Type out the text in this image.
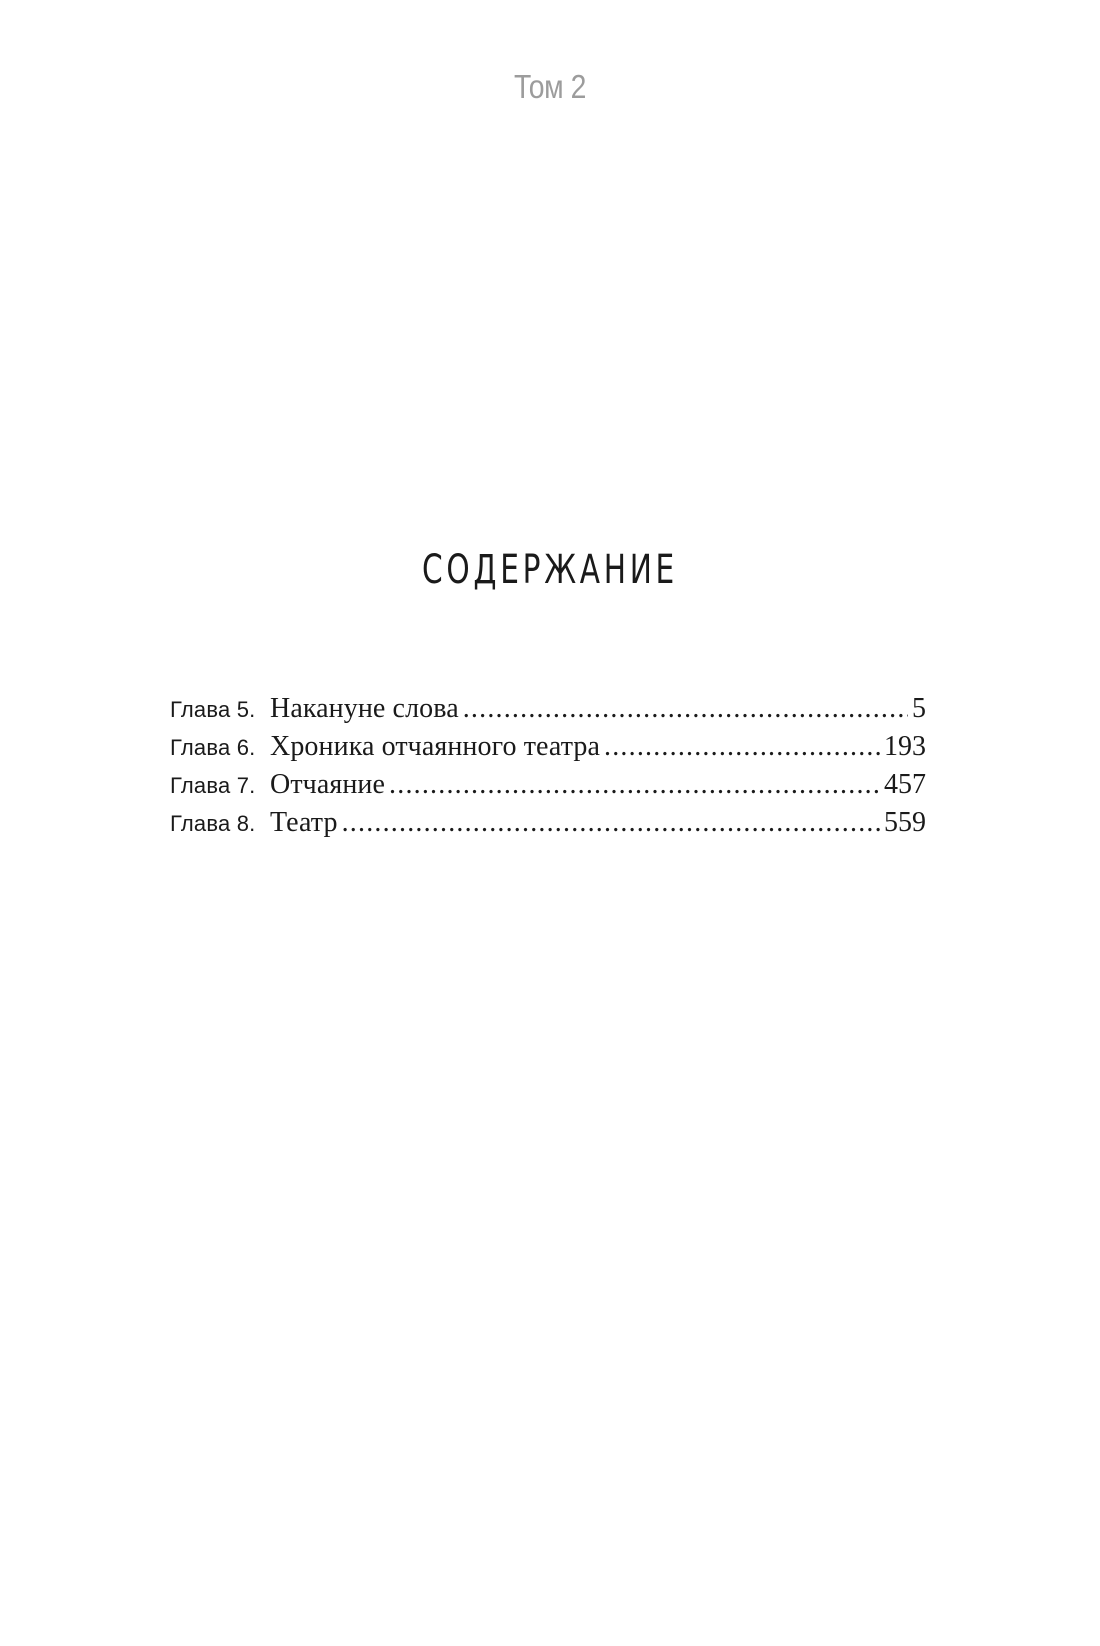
Том 2
СОДЕРЖАНИЕ
Глава 5. Накануне слова .....	5
Глава 6. Хроника отчаянного театра .....	193
Глава 7. Отчаяние .....	457
Глава 8. Театр .....	559
